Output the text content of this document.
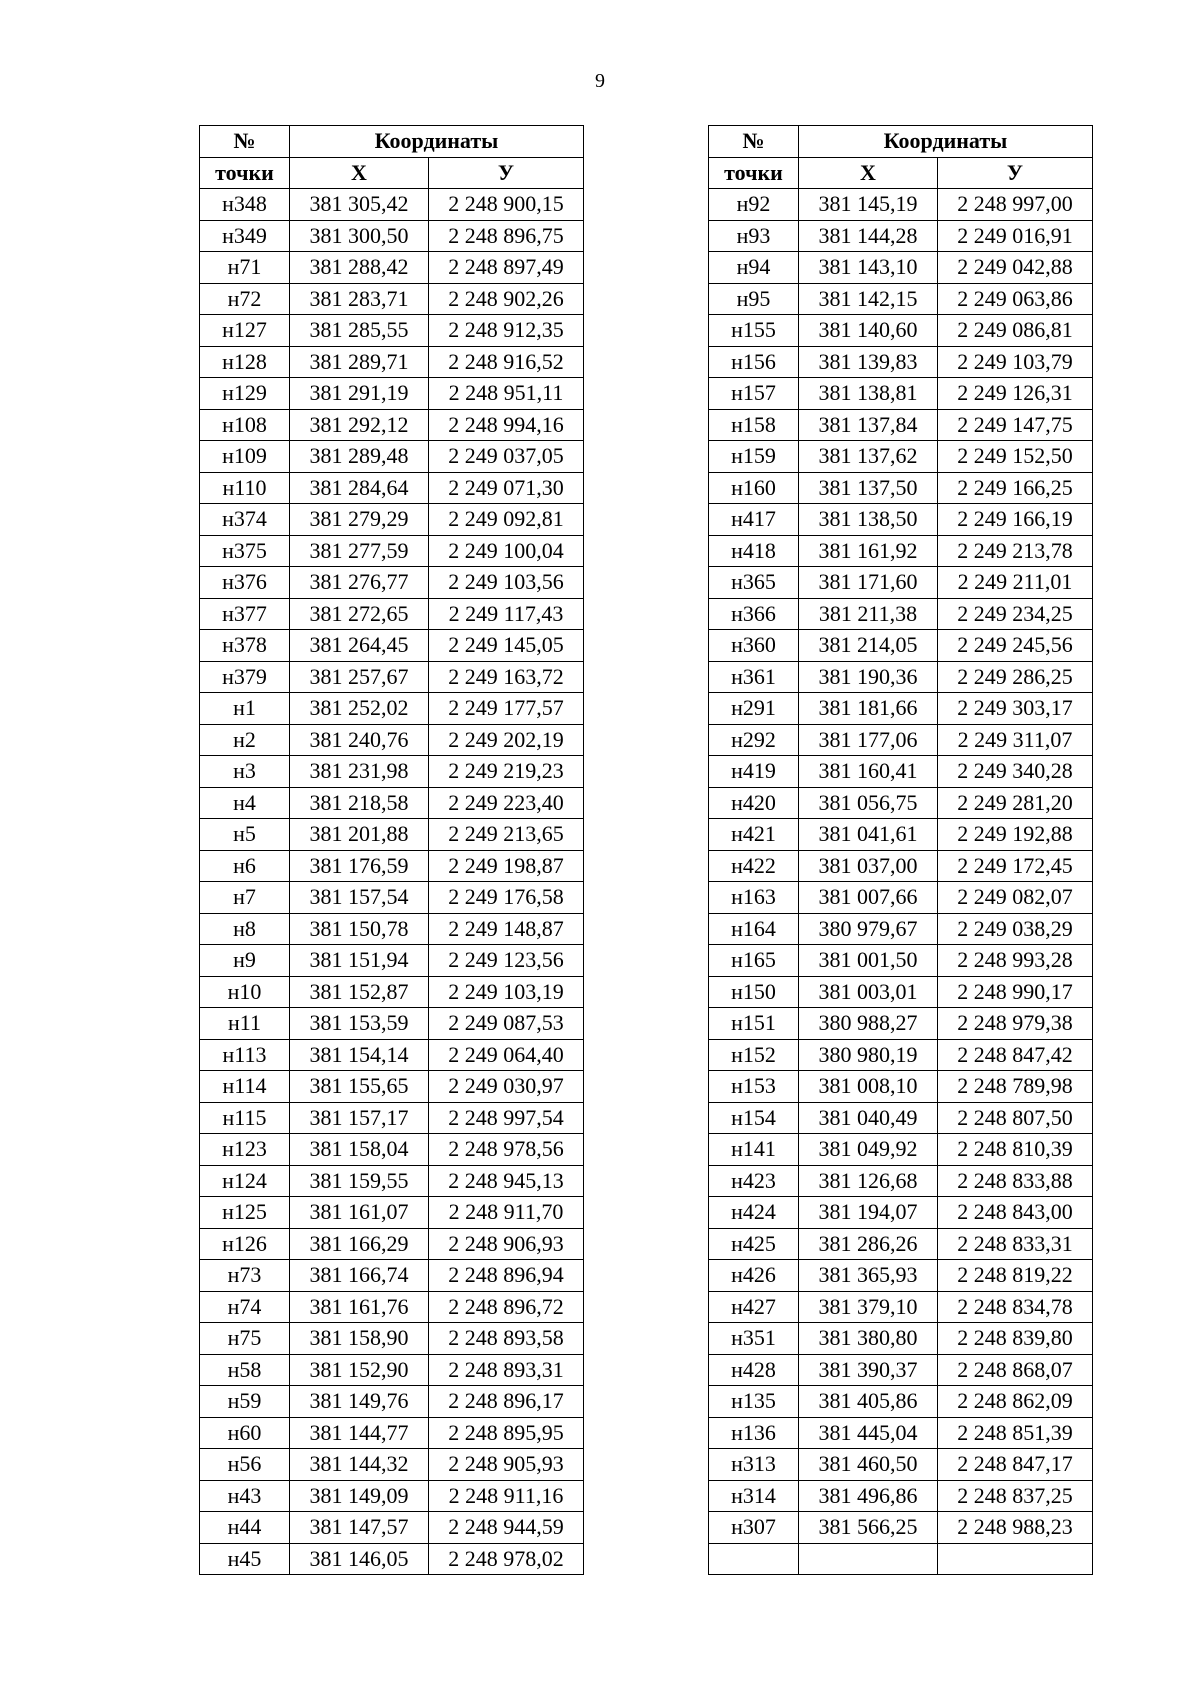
9
№	Координаты	
точки	Х	У
н348	381 305,42	2 248 900,15
н349	381 300,50	2 248 896,75
н71	381 288,42	2 248 897,49
н72	381 283,71	2 248 902,26
н127	381 285,55	2 248 912,35
н128	381 289,71	2 248 916,52
н129	381 291,19	2 248 951,11
н108	381 292,12	2 248 994,16
н109	381 289,48	2 249 037,05
н110	381 284,64	2 249 071,30
н374	381 279,29	2 249 092,81
н375	381 277,59	2 249 100,04
н376	381 276,77	2 249 103,56
н377	381 272,65	2 249 117,43
н378	381 264,45	2 249 145,05
н379	381 257,67	2 249 163,72
н1	381 252,02	2 249 177,57
н2	381 240,76	2 249 202,19
н3	381 231,98	2 249 219,23
н4	381 218,58	2 249 223,40
н5	381 201,88	2 249 213,65
н6	381 176,59	2 249 198,87
н7	381 157,54	2 249 176,58
н8	381 150,78	2 249 148,87
н9	381 151,94	2 249 123,56
н10	381 152,87	2 249 103,19
н11	381 153,59	2 249 087,53
н113	381 154,14	2 249 064,40
н114	381 155,65	2 249 030,97
н115	381 157,17	2 248 997,54
н123	381 158,04	2 248 978,56
н124	381 159,55	2 248 945,13
н125	381 161,07	2 248 911,70
н126	381 166,29	2 248 906,93
н73	381 166,74	2 248 896,94
н74	381 161,76	2 248 896,72
н75	381 158,90	2 248 893,58
н58	381 152,90	2 248 893,31
н59	381 149,76	2 248 896,17
н60	381 144,77	2 248 895,95
н56	381 144,32	2 248 905,93
н43	381 149,09	2 248 911,16
н44	381 147,57	2 248 944,59
н45	381 146,05	2 248 978,02
№	Координаты	
точки	Х	У
н92	381 145,19	2 248 997,00
н93	381 144,28	2 249 016,91
н94	381 143,10	2 249 042,88
н95	381 142,15	2 249 063,86
н155	381 140,60	2 249 086,81
н156	381 139,83	2 249 103,79
н157	381 138,81	2 249 126,31
н158	381 137,84	2 249 147,75
н159	381 137,62	2 249 152,50
н160	381 137,50	2 249 166,25
н417	381 138,50	2 249 166,19
н418	381 161,92	2 249 213,78
н365	381 171,60	2 249 211,01
н366	381 211,38	2 249 234,25
н360	381 214,05	2 249 245,56
н361	381 190,36	2 249 286,25
н291	381 181,66	2 249 303,17
н292	381 177,06	2 249 311,07
н419	381 160,41	2 249 340,28
н420	381 056,75	2 249 281,20
н421	381 041,61	2 249 192,88
н422	381 037,00	2 249 172,45
н163	381 007,66	2 249 082,07
н164	380 979,67	2 249 038,29
н165	381 001,50	2 248 993,28
н150	381 003,01	2 248 990,17
н151	380 988,27	2 248 979,38
н152	380 980,19	2 248 847,42
н153	381 008,10	2 248 789,98
н154	381 040,49	2 248 807,50
н141	381 049,92	2 248 810,39
н423	381 126,68	2 248 833,88
н424	381 194,07	2 248 843,00
н425	381 286,26	2 248 833,31
н426	381 365,93	2 248 819,22
н427	381 379,10	2 248 834,78
н351	381 380,80	2 248 839,80
н428	381 390,37	2 248 868,07
н135	381 405,86	2 248 862,09
н136	381 445,04	2 248 851,39
н313	381 460,50	2 248 847,17
н314	381 496,86	2 248 837,25
н307	381 566,25	2 248 988,23
